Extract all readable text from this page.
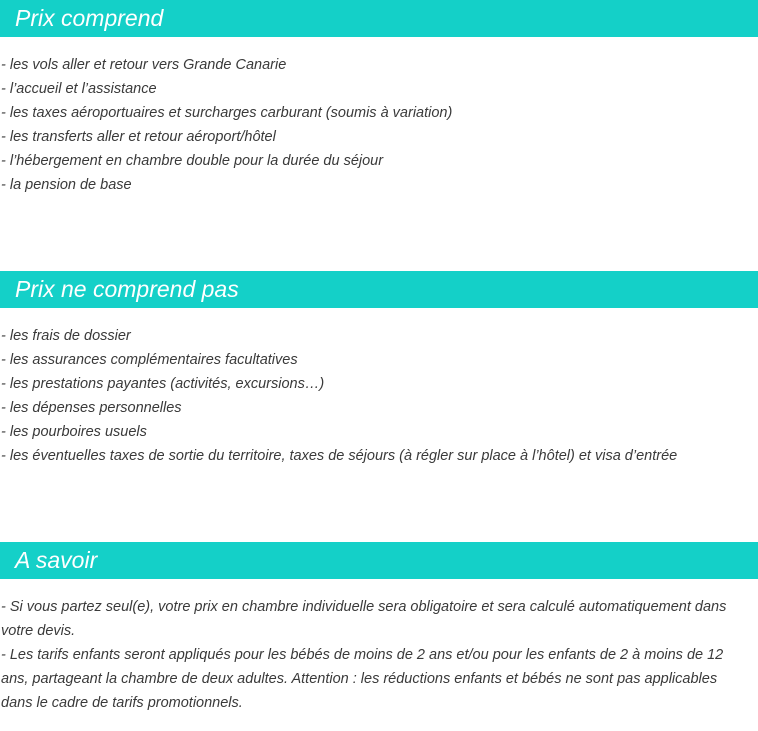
Prix comprend
- les vols aller et retour vers Grande Canarie
- l’accueil et l’assistance
- les taxes aéroportuaires et surcharges carburant (soumis à variation)
- les transferts aller et retour aéroport/hôtel
- l’hébergement en chambre double pour la durée du séjour
- la pension de base
Prix ne comprend pas
- les frais de dossier
- les assurances complémentaires facultatives
- les prestations payantes (activités, excursions…)
- les dépenses personnelles
- les pourboires usuels
- les éventuelles taxes de sortie du territoire, taxes de séjours (à régler sur place à l’hôtel) et visa d’entrée
A savoir

- Si vous partez seul(e), votre prix en chambre individuelle sera obligatoire et sera calculé automatiquement dans votre devis.

- Les tarifs enfants seront appliqués pour les bébés de moins de 2 ans et/ou pour les enfants de 2 à moins de 12 ans, partageant la chambre de deux adultes. Attention : les réductions enfants et bébés ne sont pas applicables dans le cadre de tarifs promotionnels.
